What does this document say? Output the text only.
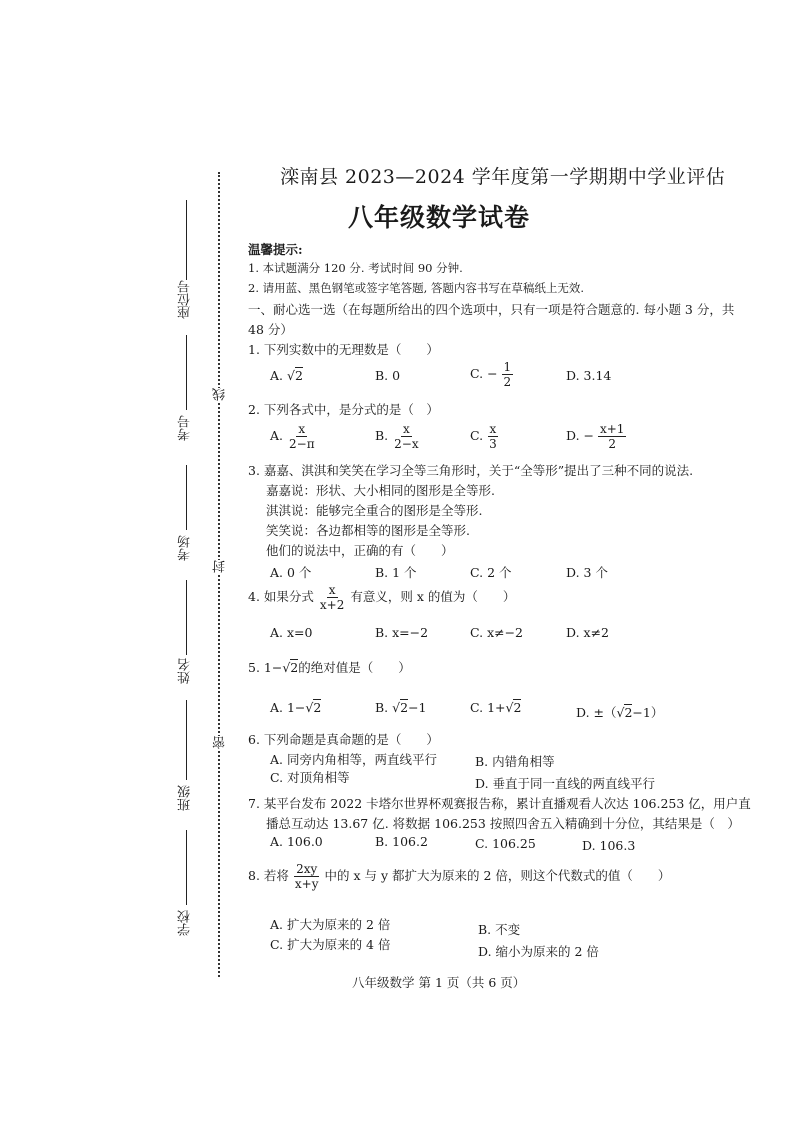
座位号
考号
考场
姓名
班级
学校
线
封
密
滦南县 2023—2024 学年度第一学期期中学业评估
八年级数学试卷
温馨提示:
1. 本试题满分 120 分. 考试时间 90 分钟.
2. 请用蓝、黑色钢笔或签字笔答题, 答题内容书写在草稿纸上无效.
一、耐心选一选（在每题所给出的四个选项中，只有一项是符合题意的. 每小题 3 分，共
48 分）
1. 下列实数中的无理数是（　　）
A. √2	B. 0	C. − $\frac{1}{2}$	D. 3.14
2. 下列各式中，是分式的是（　）
A. $\frac{x}{2-\pi}$	B. $\frac{x}{2-x}$	C. $\frac{x}{3}$	D. − $\frac{x+1}{2}$
3. 嘉嘉、淇淇和笑笑在学习全等三角形时，关于“全等形”提出了三种不同的说法.
嘉嘉说：形状、大小相同的图形是全等形.
淇淇说：能够完全重合的图形是全等形.
笑笑说：各边都相等的图形是全等形.
他们的说法中，正确的有（　　）
A. 0 个	B. 1 个	C. 2 个	D. 3 个
4. 如果分式 $\frac{x}{x+2}$ 有意义，则 x 的值为（　　）
A. x=0	B. x=−2	C. x≠−2	D. x≠2
5. 1−√2的绝对值是（　　）
A. 1−√2	B. √2−1	C. 1+√2	D. ±（√2−1）
6. 下列命题是真命题的是（　　）
A. 同旁内角相等，两直线平行	B. 内错角相等
C. 对顶角相等	D. 垂直于同一直线的两直线平行
7. 某平台发布 2022 卡塔尔世界杯观赛报告称，累计直播观看人次达 106.253 亿，用户直
播总互动达 13.67 亿. 将数据 106.253 按照四舍五入精确到十分位，其结果是（　）
A. 106.0	B. 106.2	C. 106.25	D. 106.3
8. 若将 $\frac{2xy}{x+y}$ 中的 x 与 y 都扩大为原来的 2 倍，则这个代数式的值（　　）
A. 扩大为原来的 2 倍	B. 不变
C. 扩大为原来的 4 倍	D. 缩小为原来的 2 倍
八年级数学 第 1 页（共 6 页）
